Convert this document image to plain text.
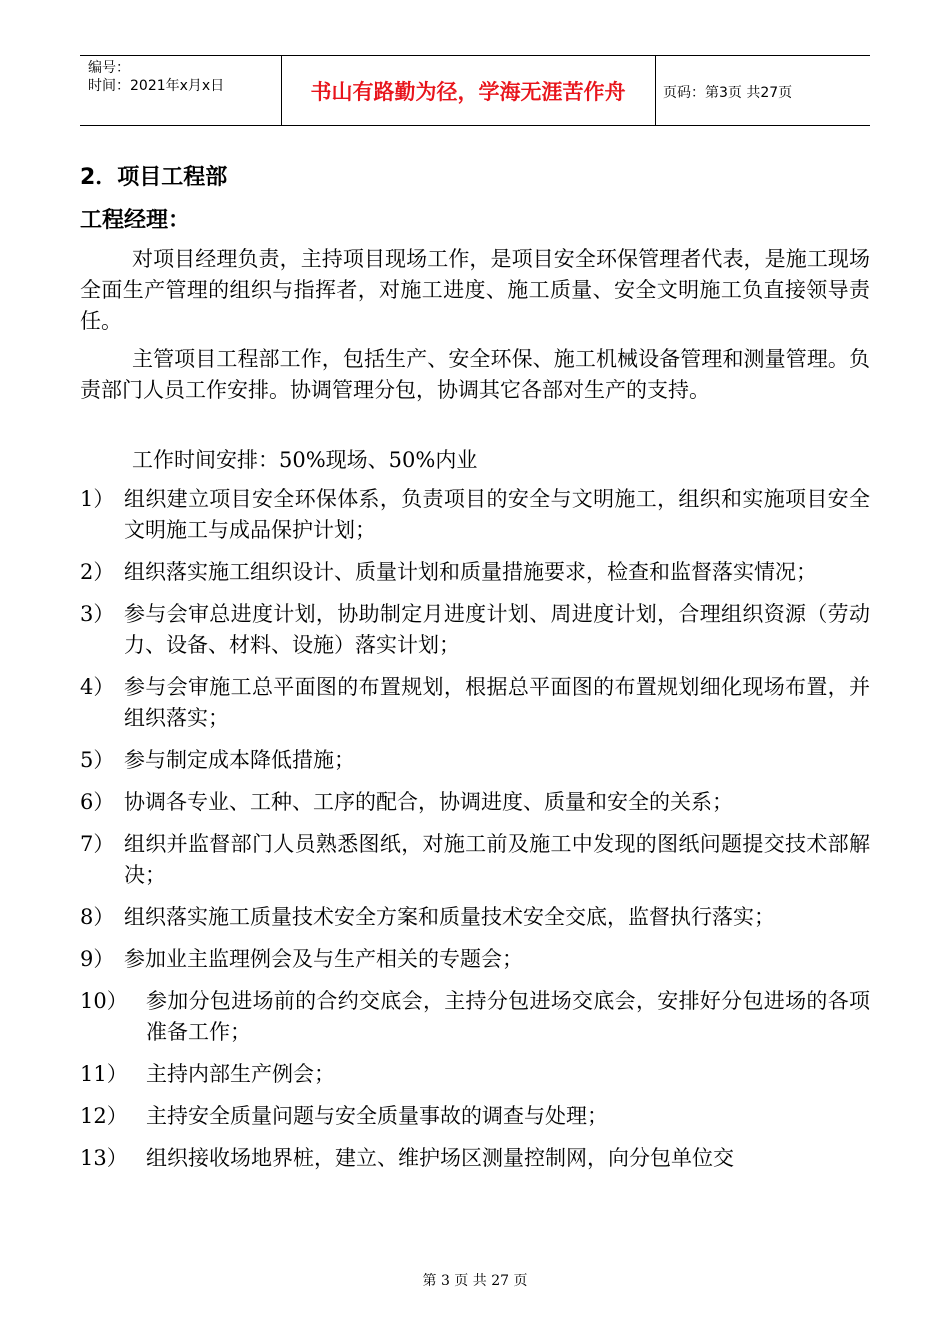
编号：
时间：2021年x月x日	书山有路勤为径，学海无涯苦作舟	页码：第3页 共27页
2．项目工程部
工程经理：
对项目经理负责，主持项目现场工作，是项目安全环保管理者代表，是施工现场全面生产管理的组织与指挥者，对施工进度、施工质量、安全文明施工负直接领导责任。
主管项目工程部工作，包括生产、安全环保、施工机械设备管理和测量管理。负责部门人员工作安排。协调管理分包，协调其它各部对生产的支持。
工作时间安排：50%现场、50%内业
1） 组织建立项目安全环保体系，负责项目的安全与文明施工，组织和实施项目安全文明施工与成品保护计划；
2） 组织落实施工组织设计、质量计划和质量措施要求，检查和监督落实情况；
3） 参与会审总进度计划，协助制定月进度计划、周进度计划，合理组织资源（劳动力、设备、材料、设施）落实计划；
4） 参与会审施工总平面图的布置规划，根据总平面图的布置规划细化现场布置，并组织落实；
5） 参与制定成本降低措施；
6） 协调各专业、工种、工序的配合，协调进度、质量和安全的关系；
7） 组织并监督部门人员熟悉图纸，对施工前及施工中发现的图纸问题提交技术部解决；
8） 组织落实施工质量技术安全方案和质量技术安全交底，监督执行落实；
9） 参加业主监理例会及与生产相关的专题会；
10） 参加分包进场前的合约交底会，主持分包进场交底会，安排好分包进场的各项准备工作；
11） 主持内部生产例会；
12） 主持安全质量问题与安全质量事故的调查与处理；
13） 组织接收场地界桩，建立、维护场区测量控制网，向分包单位交
第 3 页 共 27 页
